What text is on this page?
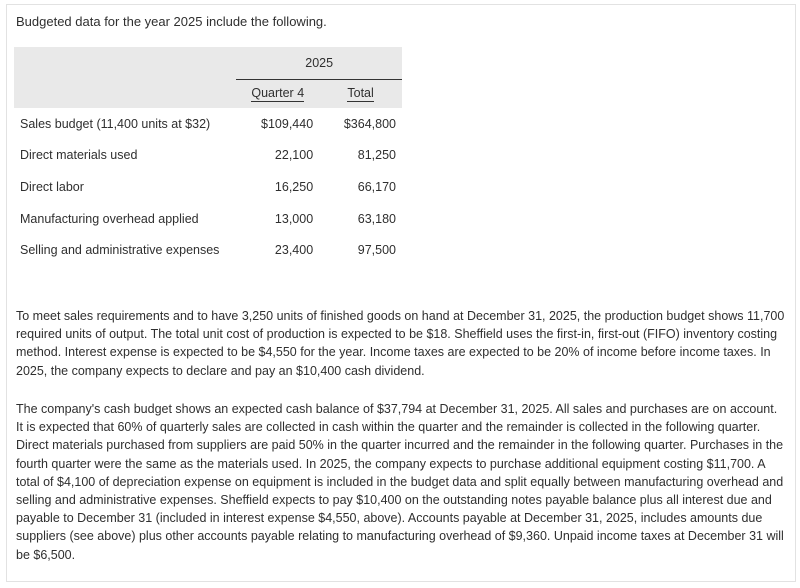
Budgeted data for the year 2025 include the following.
	2025	
	Quarter 4	Total
Sales budget (11,400 units at $32)	$109,440	$364,800
Direct materials used	22,100	81,250
Direct labor	16,250	66,170
Manufacturing overhead applied	13,000	63,180
Selling and administrative expenses	23,400	97,500

To meet sales requirements and to have 3,250 units of finished goods on hand at December 31, 2025, the production budget shows 11,700 required units of output. The total unit cost of production is expected to be $18. Sheffield uses the first-in, first-out (FIFO) inventory costing method. Interest expense is expected to be $4,550 for the year. Income taxes are expected to be 20% of income before income taxes. In 2025, the company expects to declare and pay an $10,400 cash dividend.

The company's cash budget shows an expected cash balance of $37,794 at December 31, 2025. All sales and purchases are on account. It is expected that 60% of quarterly sales are collected in cash within the quarter and the remainder is collected in the following quarter. Direct materials purchased from suppliers are paid 50% in the quarter incurred and the remainder in the following quarter. Purchases in the fourth quarter were the same as the materials used. In 2025, the company expects to purchase additional equipment costing $11,700. A total of $4,100 of depreciation expense on equipment is included in the budget data and split equally between manufacturing overhead and selling and administrative expenses. Sheffield expects to pay $10,400 on the outstanding notes payable balance plus all interest due and payable to December 31 (included in interest expense $4,550, above). Accounts payable at December 31, 2025, includes amounts due suppliers (see above) plus other accounts payable relating to manufacturing overhead of $9,360. Unpaid income taxes at December 31 will be $6,500.
